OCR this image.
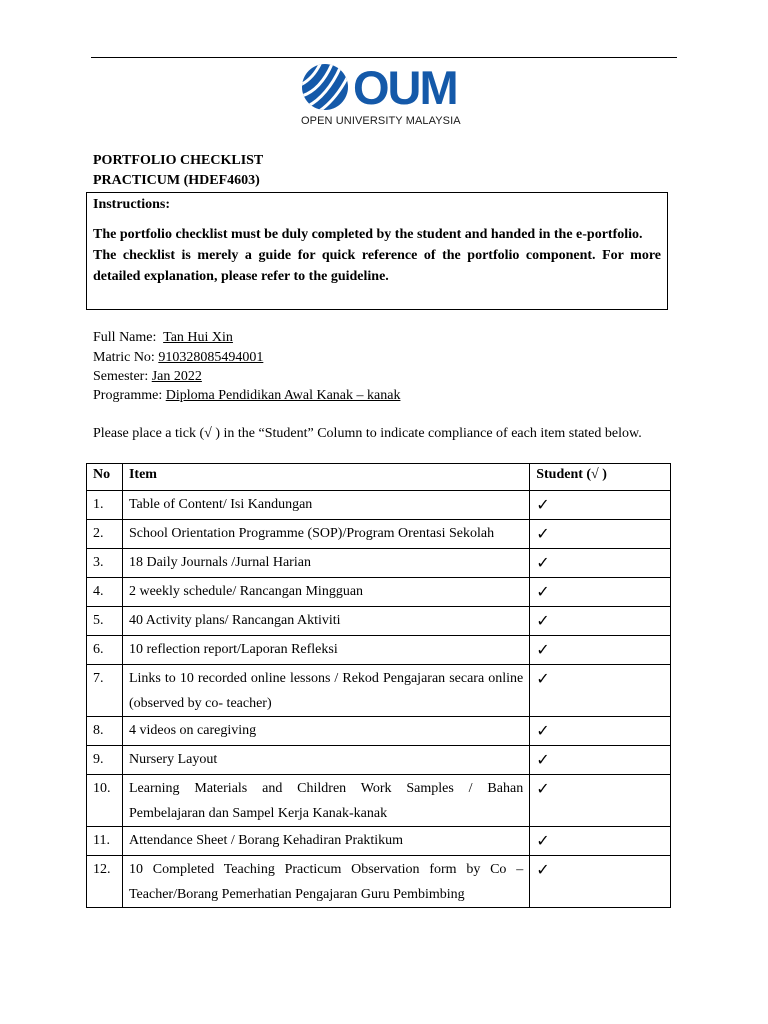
OUM
OPEN UNIVERSITY MALAYSIA
PORTFOLIO CHECKLIST
PRACTICUM (HDEF4603)
Instructions:

The portfolio checklist must be duly completed by the student and handed in the e-portfolio.

The checklist is merely a guide for quick reference of the portfolio component. For more detailed explanation, please refer to the guideline.

Full Name: Tan Hui Xin
Matric No: 910328085494001
Semester: Jan 2022
Programme: Diploma Pendidikan Awal Kanak – kanak
Please place a tick (√ ) in the “Student” Column to indicate compliance of each item stated below.
No	Item	Student (√ )
1.	Table of Content/ Isi Kandungan	✓
2.	School Orientation Programme (SOP)/Program Orentasi Sekolah	✓
3.	18 Daily Journals /Jurnal Harian	✓
4.	2 weekly schedule/ Rancangan Mingguan	✓
5.	40 Activity plans/ Rancangan Aktiviti	✓
6.	10 reflection report/Laporan Refleksi	✓
7.	Links to 10 recorded online lessons / Rekod Pengajaran secara online (observed by co- teacher)	✓
8.	4 videos on caregiving	✓
9.	Nursery Layout	✓
10.	Learning Materials and Children Work Samples / Bahan Pembelajaran dan Sampel Kerja Kanak-kanak	✓
11.	Attendance Sheet / Borang Kehadiran Praktikum	✓
12.	10 Completed Teaching Practicum Observation form by Co – Teacher/Borang Pemerhatian Pengajaran Guru Pembimbing	✓
